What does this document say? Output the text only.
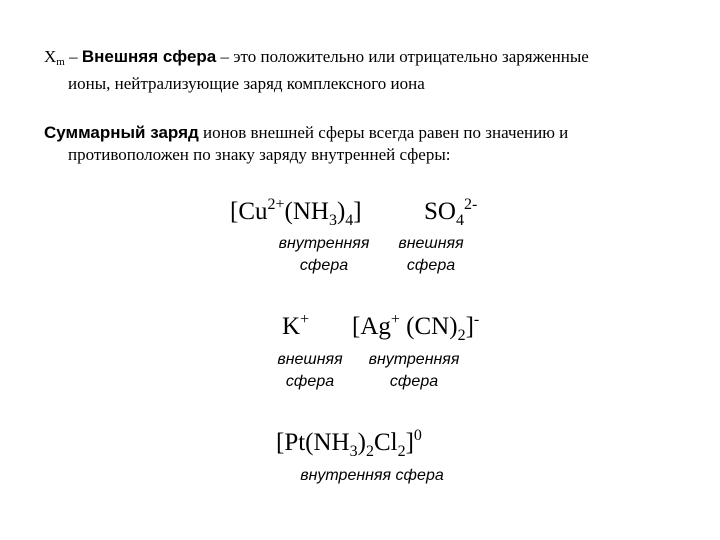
Xm – Внешняя сфера – это положительно или отрицательно заряженные
ионы, нейтрализующие заряд комплексного иона
Суммарный заряд ионов внешней сферы всегда равен по значению и
противоположен по знаку заряду внутренней сферы:
$[Cu^{2+}(NH_3)_4]$ $SO_4^{2-}$
внутренняя
сфера
внешняя
сфера
K+ [Ag+ $(CN)_2]^-$
внешняя
сфера
внутренняя
сфера
$[Pt(NH_3)_2Cl_2]^0$
внутренняя сфера
